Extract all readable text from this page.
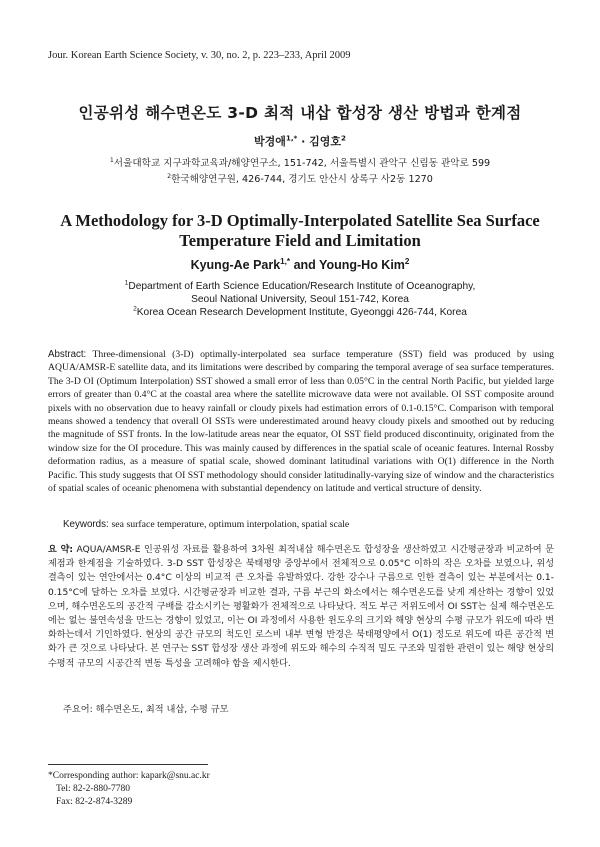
Jour. Korean Earth Science Society, v. 30, no. 2, p. 223–233, April 2009
인공위성 해수면온도 3-D 최적 내삽 합성장 생산 방법과 한계점
박경애$^{1,*}$ · 김영호$^2$
$^1$서울대학교 지구과학교육과/해양연구소, 151-742, 서울특별시 관악구 신림동 관악로 599
$^2$한국해양연구원, 426-744, 경기도 안산시 상록구 사2동 1270
A Methodology for 3-D Optimally-Interpolated Satellite Sea Surface
Temperature Field and Limitation
Kyung-Ae Park$^{1,*}$ and Young-Ho Kim$^2$
$^1$Department of Earth Science Education/Research Institute of Oceanography,
Seoul National University, Seoul 151-742, Korea
$^2$Korea Ocean Research Development Institute, Gyeonggi 426-744, Korea
Abstract: Three-dimensional (3-D) optimally-interpolated sea surface temperature (SST) field was produced by using AQUA/AMSR-E satellite data, and its limitations were described by comparing the temporal average of sea surface temperatures. The 3-D OI (Optimum Interpolation) SST showed a small error of less than 0.05°C in the central North Pacific, but yielded large errors of greater than 0.4°C at the coastal area where the satellite microwave data were not available. OI SST composite around pixels with no observation due to heavy rainfall or cloudy pixels had estimation errors of 0.1-0.15°C. Comparison with temporal means showed a tendency that overall OI SSTs were underestimated around heavy cloudy pixels and smoothed out by reducing the magnitude of SST fronts. In the low-latitude areas near the equator, OI SST field produced discontinuity, originated from the window size for the OI procedure. This was mainly caused by differences in the spatial scale of oceanic features. Internal Rossby deformation radius, as a measure of spatial scale, showed dominant latitudinal variations with O(1) difference in the North Pacific. This study suggests that OI SST methodology should consider latitudinally-varying size of window and the characteristics of spatial scales of oceanic phenomena with substantial dependency on latitude and vertical structure of density.
Keywords: sea surface temperature, optimum interpolation, spatial scale
요 약: AQUA/AMSR-E 인공위성 자료를 활용하여 3차원 최적내삽 해수면온도 합성장을 생산하였고 시간평균장과 비교하여 문제점과 한계점을 기술하였다. 3-D SST 합성장은 북태평양 중앙부에서 전체적으로 0.05°C 이하의 작은 오차를 보였으나, 위성 결측이 있는 연안에서는 0.4°C 이상의 비교적 큰 오차를 유발하였다. 강한 강수나 구름으로 인한 결측이 있는 부분에서는 0.1-0.15°C에 달하는 오차를 보였다. 시간평균장과 비교한 결과, 구름 부근의 화소에서는 해수면온도를 낮게 계산하는 경향이 있었으며, 해수면온도의 공간적 구배를 감소시키는 평활화가 전체적으로 나타났다. 적도 부근 저위도에서 OI SST는 실제 해수면온도에는 없는 불연속성을 만드는 경향이 있었고, 이는 OI 과정에서 사용한 윈도우의 크기와 해양 현상의 수평 규모가 위도에 따라 변화하는데서 기인하였다. 현상의 공간 규모의 척도인 로스비 내부 변형 반경은 북태평양에서 O(1) 정도로 위도에 따른 공간적 변화가 큰 것으로 나타났다. 본 연구는 SST 합성장 생산 과정에 위도와 해수의 수직적 밀도 구조와 밀접한 관련이 있는 해양 현상의 수평적 규모의 시공간적 변동 특성을 고려해야 함을 제시한다.
주요어: 해수면온도, 최적 내삽, 수평 규모
*Corresponding author: kapark@snu.ac.kr
Tel: 82-2-880-7780
Fax: 82-2-874-3289
